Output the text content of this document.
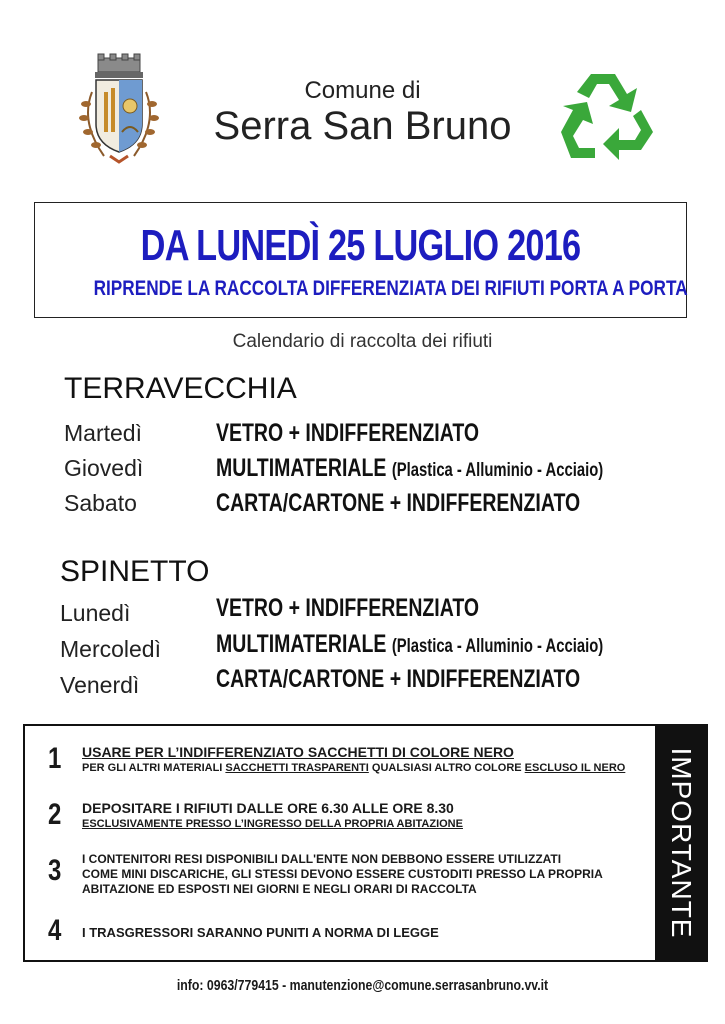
Comune di
Serra San Bruno
DA LUNEDÌ 25 LUGLIO 2016
RIPRENDE LA RACCOLTA DIFFERENZIATA DEI RIFIUTI PORTA A PORTA
Calendario di raccolta dei rifiuti
TERRAVECCHIA
Martedì	VETRO + INDIFFERENZIATO
Giovedì	MULTIMATERIALE (Plastica - Alluminio - Acciaio)
Sabato	CARTA/CARTONE + INDIFFERENZIATO
SPINETTO
Lunedì	VETRO + INDIFFERENZIATO
Mercoledì MULTIMATERIALE (Plastica - Alluminio - Acciaio)
Venerdì	CARTA/CARTONE + INDIFFERENZIATO
IMPORTANTE
1 USARE PER L’INDIFFERENZIATO SACCHETTI DI COLORE NERO
PER GLI ALTRI MATERIALI SACCHETTI TRASPARENTI QUALSIASI ALTRO COLORE ESCLUSO IL NERO
2 DEPOSITARE I RIFIUTI DALLE ORE 6.30 ALLE ORE 8.30
ESCLUSIVAMENTE PRESSO L’INGRESSO DELLA PROPRIA ABITAZIONE
3 I CONTENITORI RESI DISPONIBILI DALL'ENTE NON DEBBONO ESSERE UTILIZZATI
COME MINI DISCARICHE, GLI STESSI DEVONO ESSERE CUSTODITI PRESSO LA PROPRIA
ABITAZIONE ED ESPOSTI NEI GIORNI E NEGLI ORARI DI RACCOLTA
4 I TRASGRESSORI SARANNO PUNITI A NORMA DI LEGGE
info: 0963/779415 - manutenzione@comune.serrasanbruno.vv.it
